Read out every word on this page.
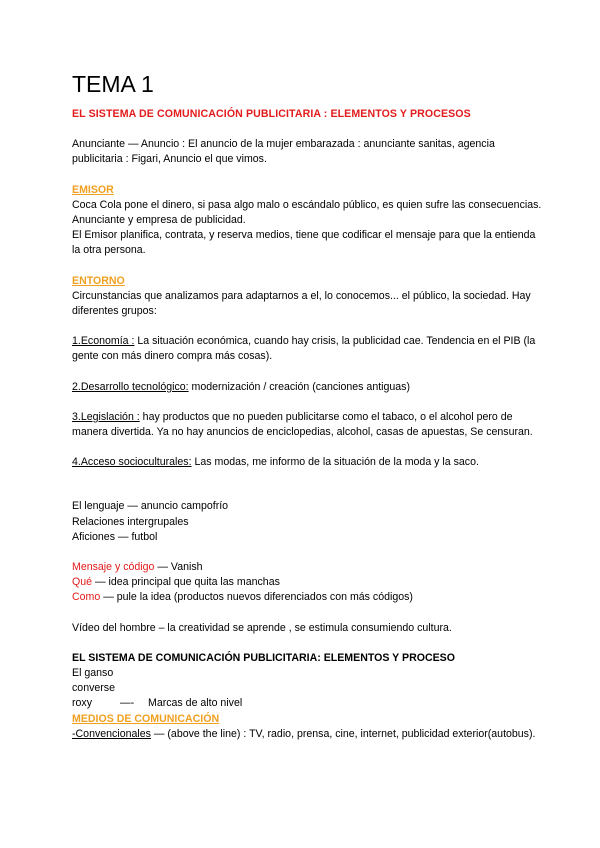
TEMA 1

EL SISTEMA DE COMUNICACIÓN PUBLICITARIA : ELEMENTOS Y PROCESOS

Anunciante — Anuncio : El anuncio de la mujer embarazada : anunciante sanitas, agencia publicitaria : Figari, Anuncio el que vimos.

EMISOR

Coca Cola pone el dinero, si pasa algo malo o escándalo público, es quien sufre las consecuencias. Anunciante y empresa de publicidad.

El Emisor planifica, contrata, y reserva medios, tiene que codificar el mensaje para que la entienda la otra persona.

ENTORNO

Circunstancias que analizamos para adaptarnos a el, lo conocemos... el público, la sociedad. Hay diferentes grupos:

1.Economía : La situación económica, cuando hay crisis, la publicidad cae. Tendencia en el PIB (la gente con más dinero compra más cosas).

2.Desarrollo tecnológico: modernización / creación (canciones antiguas)

3.Legislación : hay productos que no pueden publicitarse como el tabaco, o el alcohol pero de manera divertida. Ya no hay anuncios de enciclopedias, alcohol, casas de apuestas, Se censuran.

4.Acceso socioculturales: Las modas, me informo de la situación de la moda y la saco.

El lenguaje — anuncio campofrío

Relaciones intergrupales

Aficiones — futbol

Mensaje y código — Vanish

Qué — idea principal que quita las manchas

Como — pule la idea (productos nuevos diferenciados con más códigos)

Vídeo del hombre – la creatividad se aprende , se estimula consumiendo cultura.

EL SISTEMA DE COMUNICACIÓN PUBLICITARIA: ELEMENTOS Y PROCESO

El ganso

converse

roxy	—- Marcas de alto nivel

MEDIOS DE COMUNICACIÓN

-Convencionales — (above the line) : TV, radio, prensa, cine, internet, publicidad exterior(autobus).
